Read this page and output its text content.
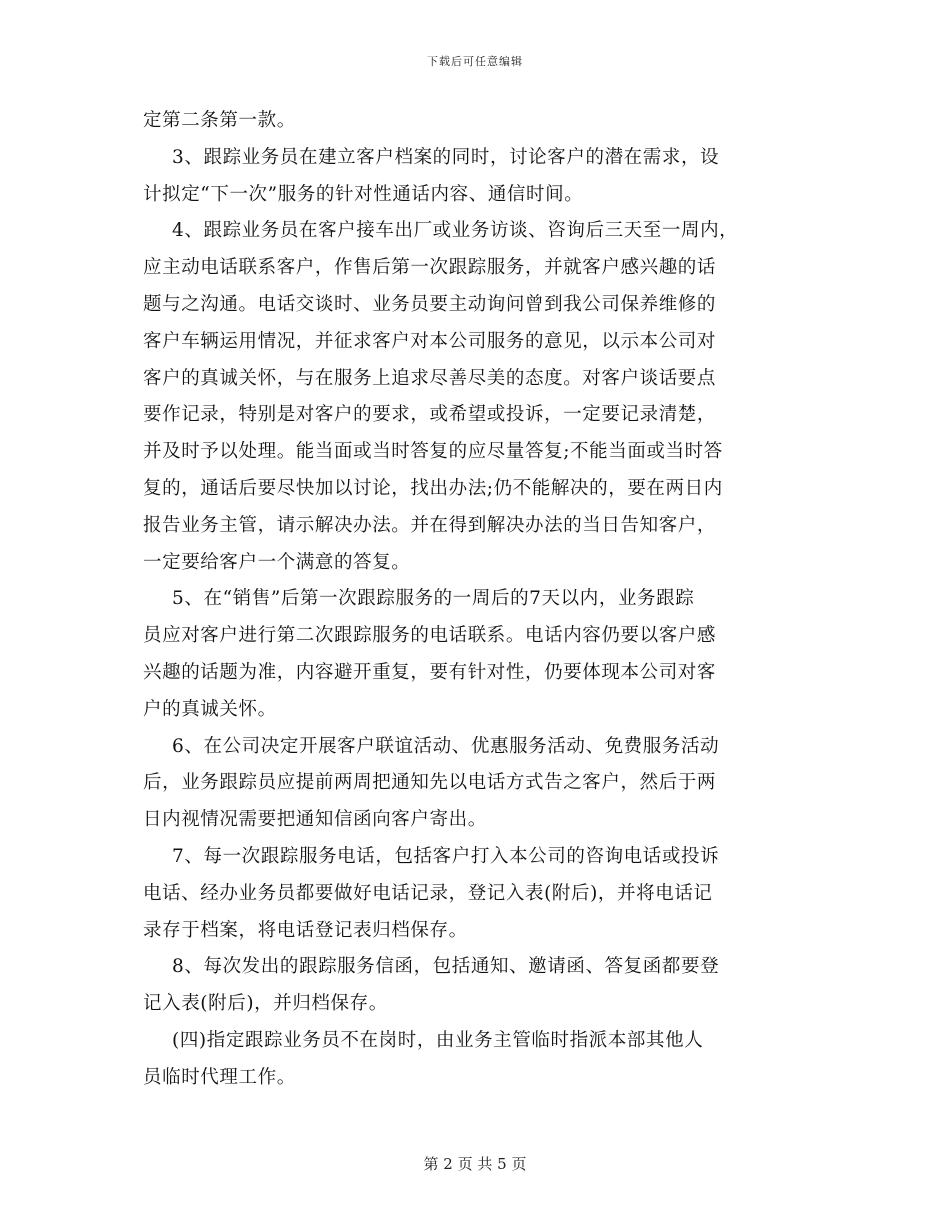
下载后可任意编辑
定第二条第一款。
3、跟踪业务员在建立客户档案的同时，讨论客户的潜在需求，设
计拟定“下一次”服务的针对性通话内容、通信时间。
4、跟踪业务员在客户接车出厂或业务访谈、咨询后三天至一周内，
应主动电话联系客户，作售后第一次跟踪服务，并就客户感兴趣的话
题与之沟通。电话交谈时、业务员要主动询问曾到我公司保养维修的
客户车辆运用情况，并征求客户对本公司服务的意见，以示本公司对
客户的真诚关怀，与在服务上追求尽善尽美的态度。对客户谈话要点
要作记录，特别是对客户的要求，或希望或投诉，一定要记录清楚，
并及时予以处理。能当面或当时答复的应尽量答复;不能当面或当时答
复的，通话后要尽快加以讨论，找出办法;仍不能解决的，要在两日内
报告业务主管，请示解决办法。并在得到解决办法的当日告知客户，
一定要给客户一个满意的答复。
5、在“销售”后第一次跟踪服务的一周后的7天以内，业务跟踪
员应对客户进行第二次跟踪服务的电话联系。电话内容仍要以客户感
兴趣的话题为准，内容避开重复，要有针对性，仍要体现本公司对客
户的真诚关怀。
6、在公司决定开展客户联谊活动、优惠服务活动、免费服务活动
后，业务跟踪员应提前两周把通知先以电话方式告之客户，然后于两
日内视情况需要把通知信函向客户寄出。
7、每一次跟踪服务电话，包括客户打入本公司的咨询电话或投诉
电话、经办业务员都要做好电话记录，登记入表(附后)，并将电话记
录存于档案，将电话登记表归档保存。
8、每次发出的跟踪服务信函，包括通知、邀请函、答复函都要登
记入表(附后)，并归档保存。
(四)指定跟踪业务员不在岗时，由业务主管临时指派本部其他人
员临时代理工作。
第 2 页 共 5 页
